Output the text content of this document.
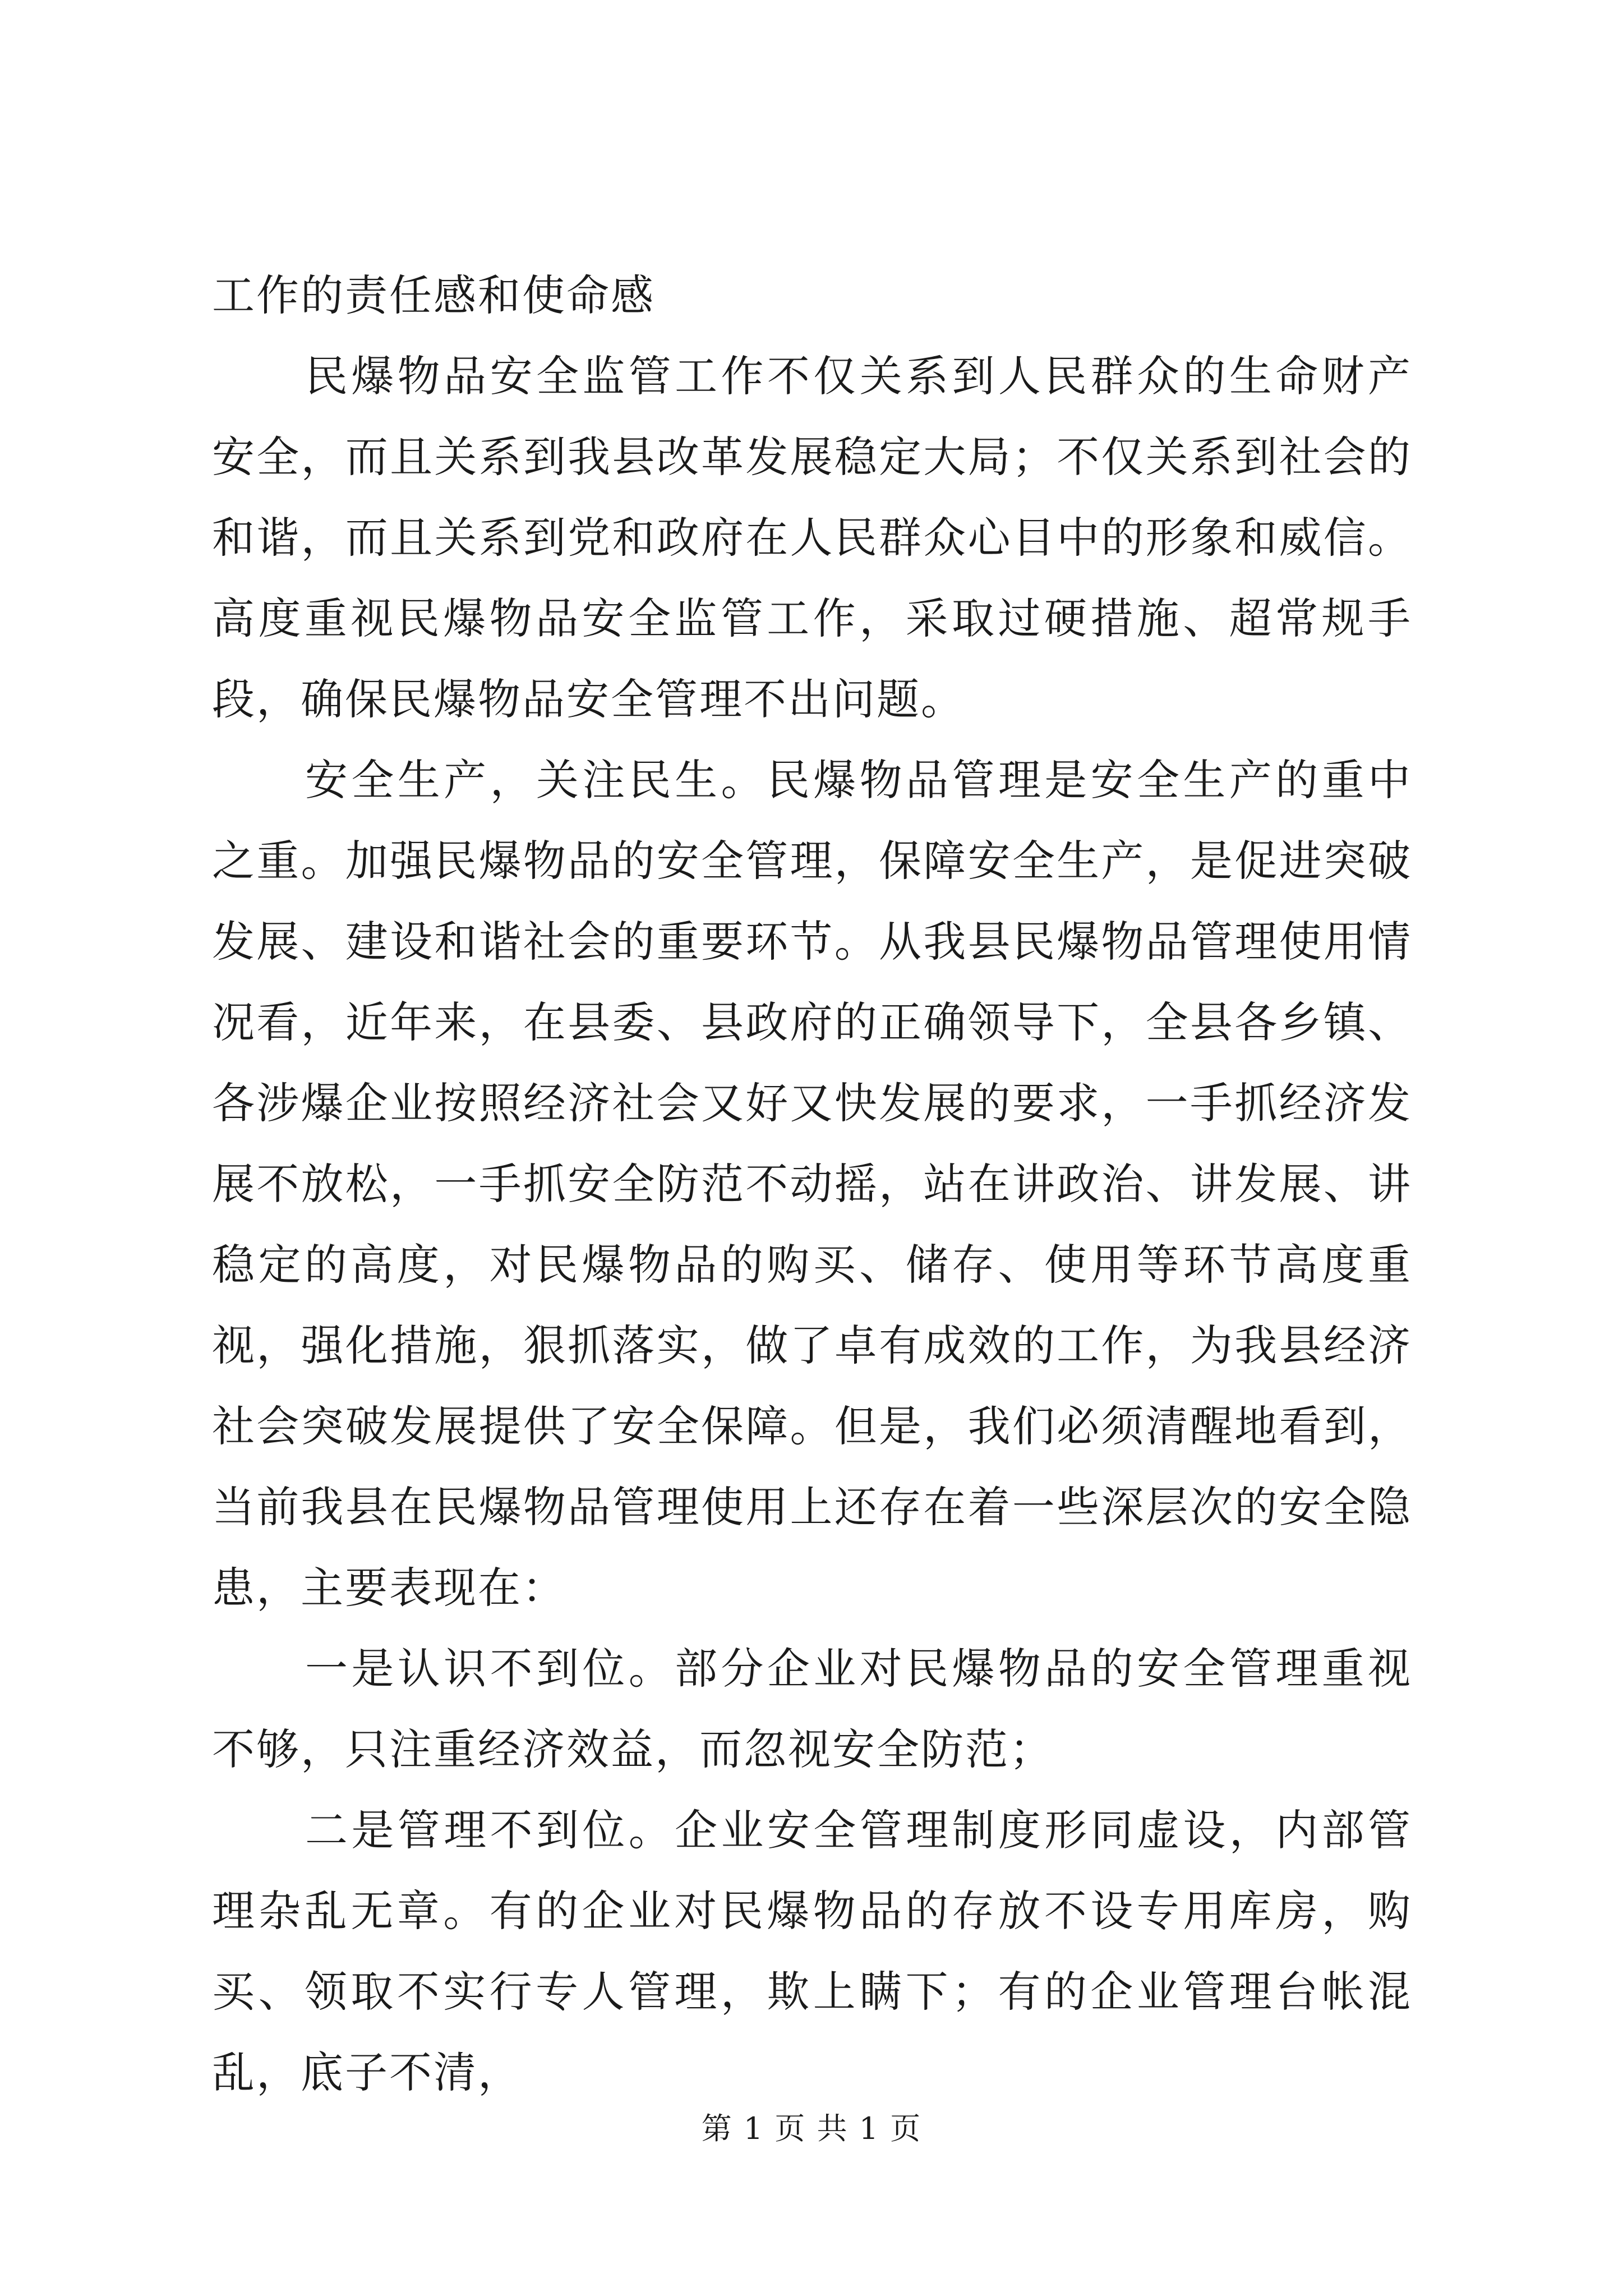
工作的责任感和使命感

民爆物品安全监管工作不仅关系到人民群众的生命财产安全，而且关系到我县改革发展稳定大局；不仅关系到社会的和谐，而且关系到党和政府在人民群众心目中的形象和威信。高度重视民爆物品安全监管工作，采取过硬措施、超常规手段，确保民爆物品安全管理不出问题。

安全生产，关注民生。民爆物品管理是安全生产的重中之重。加强民爆物品的安全管理，保障安全生产，是促进突破发展、建设和谐社会的重要环节。从我县民爆物品管理使用情况看，近年来，在县委、县政府的正确领导下，全县各乡镇、各涉爆企业按照经济社会又好又快发展的要求，一手抓经济发展不放松，一手抓安全防范不动摇，站在讲政治、讲发展、讲稳定的高度，对民爆物品的购买、储存、使用等环节高度重视，强化措施，狠抓落实，做了卓有成效的工作，为我县经济社会突破发展提供了安全保障。但是，我们必须清醒地看到，当前我县在民爆物品管理使用上还存在着一些深层次的安全隐患，主要表现在：

一是认识不到位。部分企业对民爆物品的安全管理重视不够，只注重经济效益，而忽视安全防范；

二是管理不到位。企业安全管理制度形同虚设，内部管理杂乱无章。有的企业对民爆物品的存放不设专用库房，购买、领取不实行专人管理，欺上瞒下；有的企业管理台帐混乱，底子不清，

第 1 页 共 1 页
